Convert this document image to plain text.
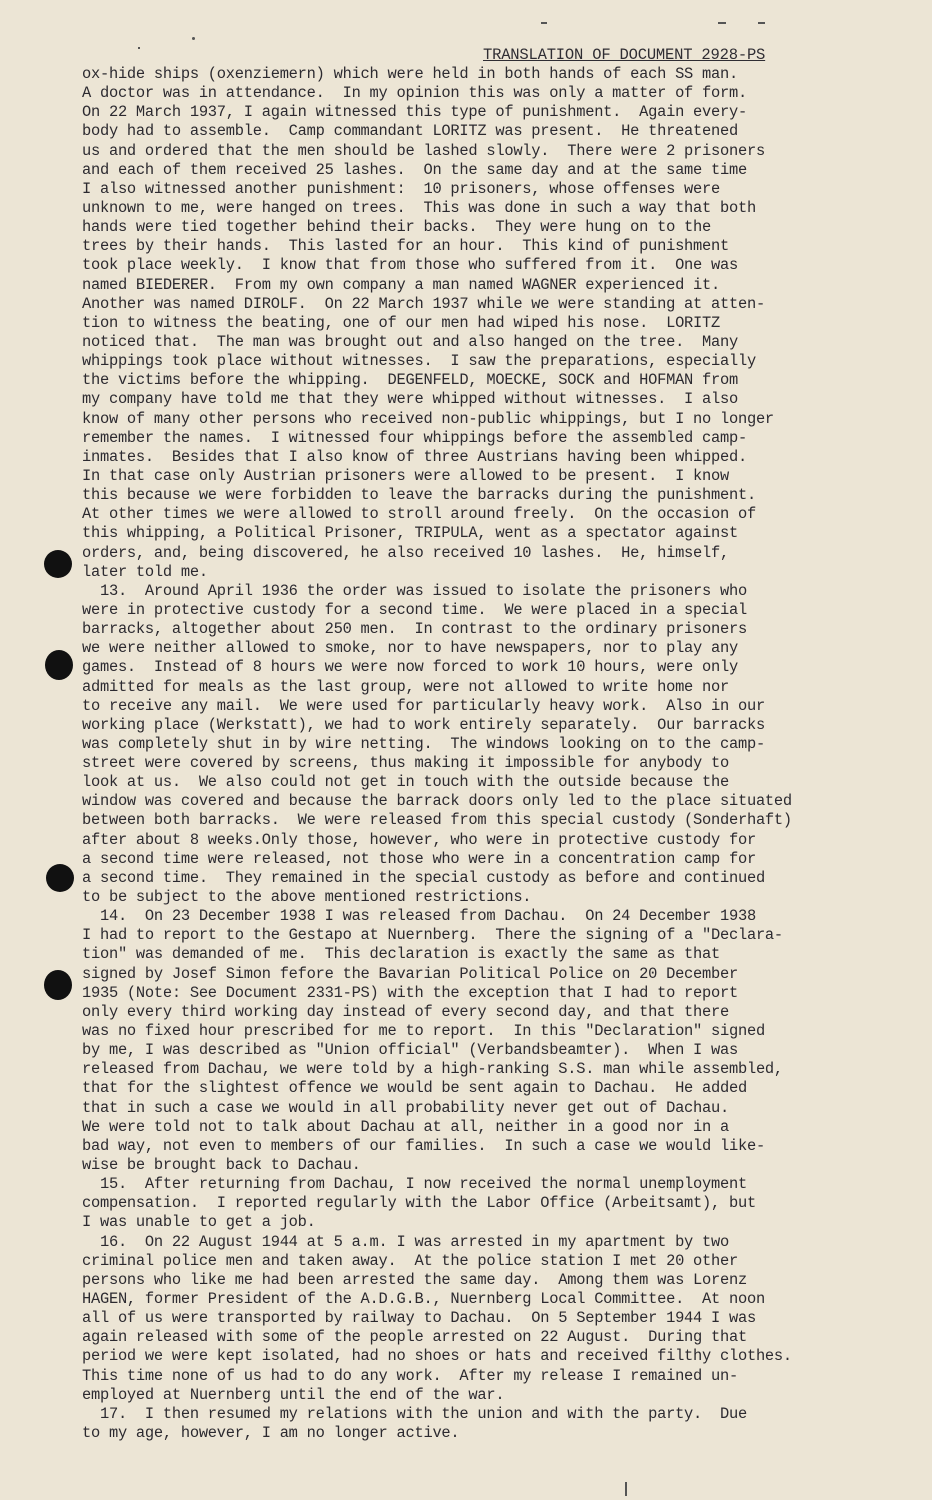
TRANSLATION OF DOCUMENT 2928-PS
ox-hide ships (oxenziemern) which were held in both hands of each SS man.
A doctor was in attendance.  In my opinion this was only a matter of form.
On 22 March 1937, I again witnessed this type of punishment.  Again every-
body had to assemble.  Camp commandant LORITZ was present.  He threatened
us and ordered that the men should be lashed slowly.  There were 2 prisoners
and each of them received 25 lashes.  On the same day and at the same time
I also witnessed another punishment:  10 prisoners, whose offenses were
unknown to me, were hanged on trees.  This was done in such a way that both
hands were tied together behind their backs.  They were hung on to the
trees by their hands.  This lasted for an hour.  This kind of punishment
took place weekly.  I know that from those who suffered from it.  One was
named BIEDERER.  From my own company a man named WAGNER experienced it.
Another was named DIROLF.  On 22 March 1937 while we were standing at atten-
tion to witness the beating, one of our men had wiped his nose.  LORITZ
noticed that.  The man was brought out and also hanged on the tree.  Many
whippings took place without witnesses.  I saw the preparations, especially
the victims before the whipping.  DEGENFELD, MOECKE, SOCK and HOFMAN from
my company have told me that they were whipped without witnesses.  I also
know of many other persons who received non-public whippings, but I no longer
remember the names.  I witnessed four whippings before the assembled camp-
inmates.  Besides that I also know of three Austrians having been whipped.
In that case only Austrian prisoners were allowed to be present.  I know
this because we were forbidden to leave the barracks during the punishment.
At other times we were allowed to stroll around freely.  On the occasion of
this whipping, a Political Prisoner, TRIPULA, went as a spectator against
orders, and, being discovered, he also received 10 lashes.  He, himself,
later told me.
13.  Around April 1936 the order was issued to isolate the prisoners who
were in protective custody for a second time.  We were placed in a special
barracks, altogether about 250 men.  In contrast to the ordinary prisoners
we were neither allowed to smoke, nor to have newspapers, nor to play any
games.  Instead of 8 hours we were now forced to work 10 hours, were only
admitted for meals as the last group, were not allowed to write home nor
to receive any mail.  We were used for particularly heavy work.  Also in our
working place (Werkstatt), we had to work entirely separately.  Our barracks
was completely shut in by wire netting.  The windows looking on to the camp-
street were covered by screens, thus making it impossible for anybody to
look at us.  We also could not get in touch with the outside because the
window was covered and because the barrack doors only led to the place situated
between both barracks.  We were released from this special custody (Sonderhaft)
after about 8 weeks.Only those, however, who were in protective custody for
a second time were released, not those who were in a concentration camp for
a second time.  They remained in the special custody as before and continued
to be subject to the above mentioned restrictions.
14.  On 23 December 1938 I was released from Dachau.  On 24 December 1938
I had to report to the Gestapo at Nuernberg.  There the signing of a "Declara-
tion" was demanded of me.  This declaration is exactly the same as that
signed by Josef Simon fefore the Bavarian Political Police on 20 December
1935 (Note: See Document 2331-PS) with the exception that I had to report
only every third working day instead of every second day, and that there
was no fixed hour prescribed for me to report.  In this "Declaration" signed
by me, I was described as "Union official" (Verbandsbeamter).  When I was
released from Dachau, we were told by a high-ranking S.S. man while assembled,
that for the slightest offence we would be sent again to Dachau.  He added
that in such a case we would in all probability never get out of Dachau.
We were told not to talk about Dachau at all, neither in a good nor in a
bad way, not even to members of our families.  In such a case we would like-
wise be brought back to Dachau.
15.  After returning from Dachau, I now received the normal unemployment
compensation.  I reported regularly with the Labor Office (Arbeitsamt), but
I was unable to get a job.
16.  On 22 August 1944 at 5 a.m. I was arrested in my apartment by two
criminal police men and taken away.  At the police station I met 20 other
persons who like me had been arrested the same day.  Among them was Lorenz
HAGEN, former President of the A.D.G.B., Nuernberg Local Committee.  At noon
all of us were transported by railway to Dachau.  On 5 September 1944 I was
again released with some of the people arrested on 22 August.  During that
period we were kept isolated, had no shoes or hats and received filthy clothes.
This time none of us had to do any work.  After my release I remained un-
employed at Nuernberg until the end of the war.
17.  I then resumed my relations with the union and with the party.  Due
to my age, however, I am no longer active.
